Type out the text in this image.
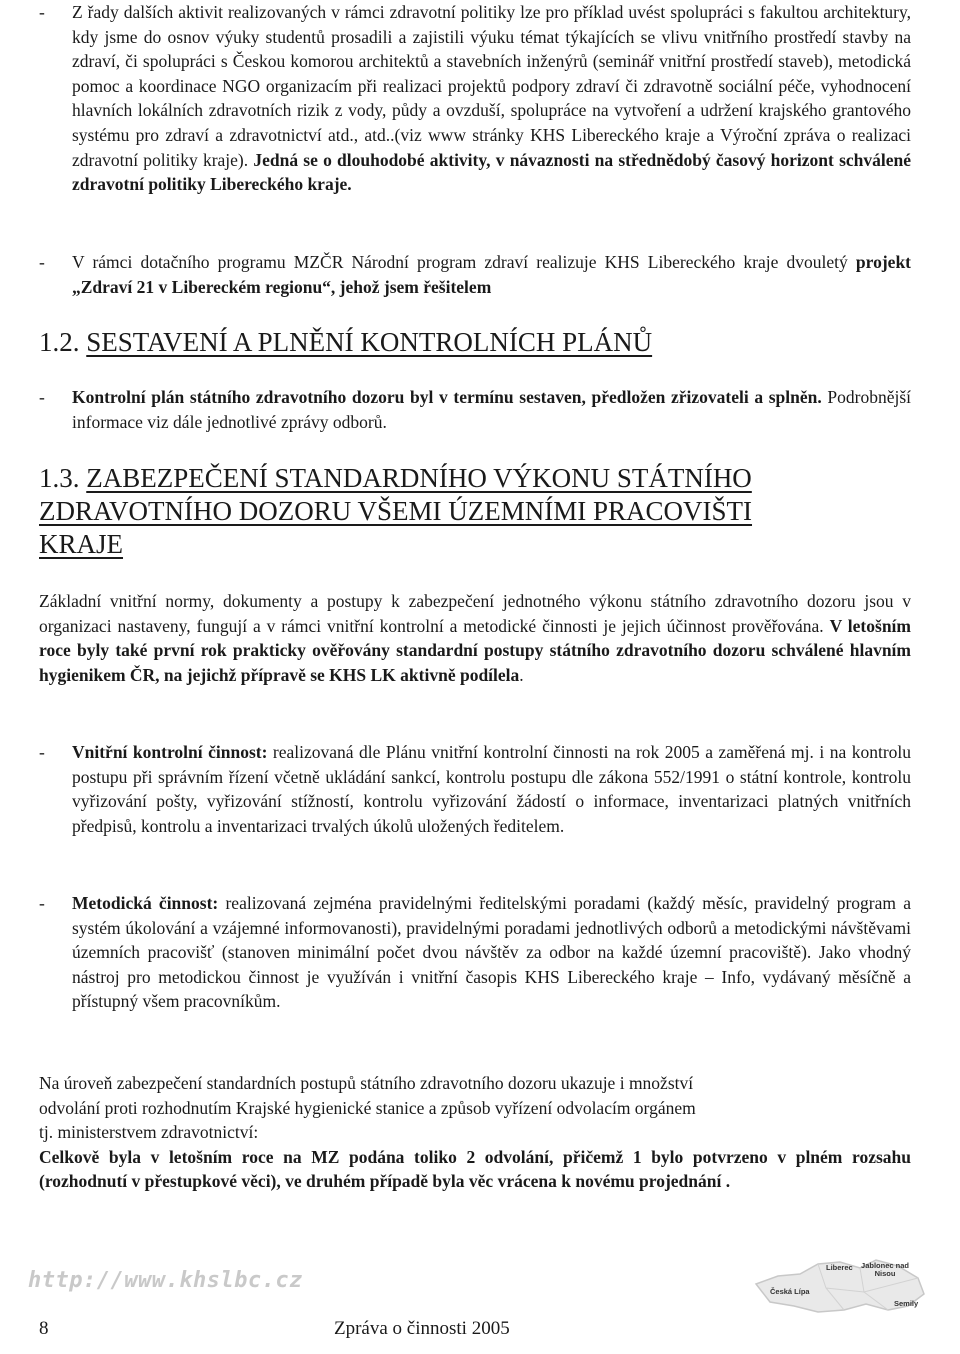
- Z řady dalších aktivit realizovaných v rámci zdravotní politiky lze pro příklad uvést spolupráci s fakultou architektury, kdy jsme do osnov výuky studentů prosadili a zajistili výuku témat týkajících se vlivu vnitřního prostředí stavby na zdraví, či spolupráci s Českou komorou architektů a stavebních inženýrů (seminář vnitřní prostředí staveb), metodická pomoc a koordinace NGO organizacím při realizaci projektů podpory zdraví či zdravotně sociální péče, vyhodnocení hlavních lokálních zdravotních rizik z vody, půdy a ovzduší, spolupráce na vytvoření a udržení krajského grantového systému pro zdraví a zdravotnictví atd., atd..(viz www stránky KHS Libereckého kraje a Výroční zpráva o realizaci zdravotní politiky kraje). Jedná se o dlouhodobé aktivity, v návaznosti na střednědobý časový horizont schválené zdravotní politiky Libereckého kraje.
- V rámci dotačního programu MZČR Národní program zdraví realizuje KHS Libereckého kraje dvouletý projekt „Zdraví 21 v Libereckém regionu“, jehož jsem řešitelem
1.2. SESTAVENÍ A PLNĚNÍ KONTROLNÍCH PLÁNŮ
- Kontrolní plán státního zdravotního dozoru byl v termínu sestaven, předložen zřizovateli a splněn. Podrobnější informace viz dále jednotlivé zprávy odborů.
1.3. ZABEZPEČENÍ STANDARDNÍHO VÝKONU STÁTNÍHO
ZDRAVOTNÍHO DOZORU VŠEMI ÚZEMNÍMI PRACOVIŠTI
KRAJE
Základní vnitřní normy, dokumenty a postupy k zabezpečení jednotného výkonu státního zdravotního dozoru jsou v organizaci nastaveny, fungují a v rámci vnitřní kontrolní a metodické činnosti je jejich účinnost prověřována. V letošním roce byly také první rok prakticky ověřovány standardní postupy státního zdravotního dozoru schválené hlavním hygienikem ČR, na jejichž přípravě se KHS LK aktivně podílela.
- Vnitřní kontrolní činnost: realizovaná dle Plánu vnitřní kontrolní činnosti na rok 2005 a zaměřená mj. i na kontrolu postupu při správním řízení včetně ukládání sankcí, kontrolu postupu dle zákona 552/1991 o státní kontrole, kontrolu vyřizování pošty, vyřizování stížností, kontrolu vyřizování žádostí o informace, inventarizaci platných vnitřních předpisů, kontrolu a inventarizaci trvalých úkolů uložených ředitelem.
- Metodická činnost: realizovaná zejména pravidelnými ředitelskými poradami (každý měsíc, pravidelný program a systém úkolování a vzájemné informovanosti), pravidelnými poradami jednotlivých odborů a metodickými návštěvami územních pracovišť (stanoven minimální počet dvou návštěv za odbor na každé územní pracoviště). Jako vhodný nástroj pro metodickou činnost je využíván i vnitřní časopis KHS Libereckého kraje – Info, vydávaný měsíčně a přístupný všem pracovníkům.
Na úroveň zabezpečení standardních postupů státního zdravotního dozoru ukazuje i množství
odvolání proti rozhodnutím Krajské hygienické stanice a způsob vyřízení odvolacím orgánem
tj. ministerstvem zdravotnictví:

Celkově byla v letošním roce na MZ podána toliko 2 odvolání, přičemž 1 bylo potvrzeno v plném rozsahu (rozhodnutí v přestupkové věci), ve druhém případě byla věc vrácena k novému projednání .
http://www.khslbc.cz
Liberec Jablonec nad Nisou
Česká Lípa
Semily
8	Zpráva o činnosti 2005
